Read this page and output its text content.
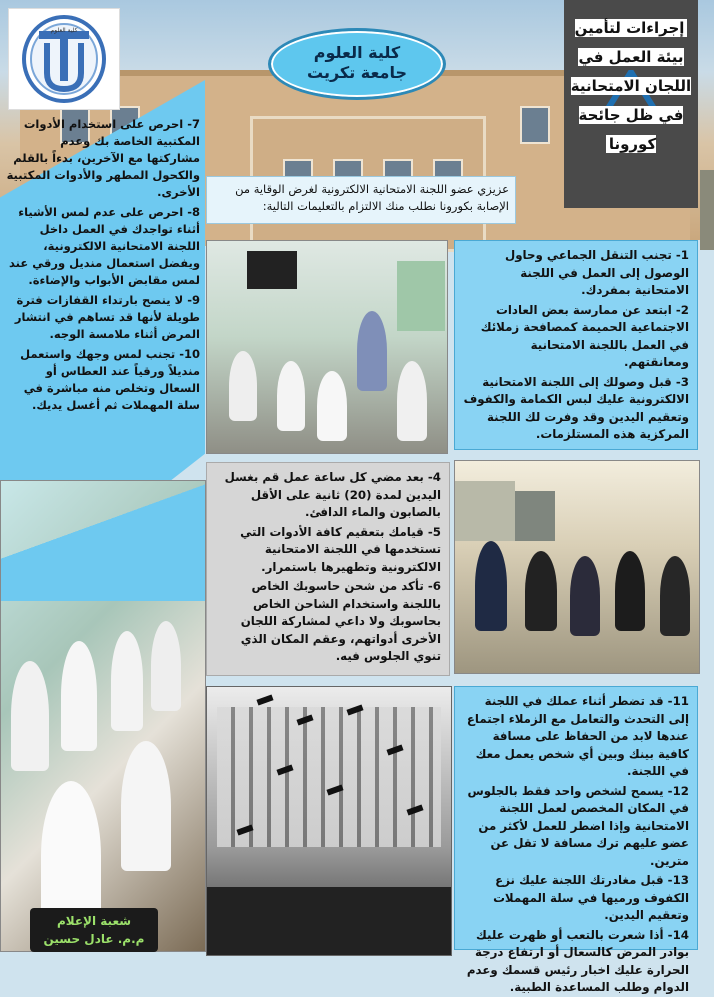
كلية العلوم
كلية العلوم
جامعة تكريت
إجراءات لتأمين بيئة العمل في اللجان الامتحانية في ظل جائحة كورونا
عزيزي عضو اللجنة الامتحانية الالكترونية لغرض الوقاية من الإصابة بكورونا نطلب منك الالتزام بالتعليمات التالية:

7- احرص على استخدام الأدوات المكتبية الخاصة بك وعدم مشاركتها مع الآخرين، بدءاً بالقلم والكحول المطهر والأدوات المكتبية الأخرى.

8- احرص على عدم لمس الأشياء أثناء تواجدك في العمل داخل اللجنة الامتحانية الالكترونية، ويفضل استعمال منديل ورقي عند لمس مقابض الأبواب والإضاءة.

9- لا ينصح بارتداء القفازات فترة طويلة لأنها قد تساهم في انتشار المرض أثناء ملامسة الوجه.

10- تجنب لمس وجهك واستعمل منديلاً ورقياً عند العطاس أو السعال وتخلص منه مباشرة في سلة المهملات ثم أغسل يديك.

1- تجنب التنقل الجماعي وحاول الوصول إلى العمل في اللجنة الامتحانية بمفردك.

2- ابتعد عن ممارسة بعض العادات الاجتماعية الحميمة كمصافحة زملائك في العمل باللجنة الامتحانية ومعانقتهم.

3- قبل وصولك إلى اللجنة الامتحانية الالكترونية عليك لبس الكمامة والكفوف وتعقيم اليدين وقد وفرت لك اللجنة المركزية هذه المستلزمات.

4- بعد مضي كل ساعة عمل قم بغسل اليدين لمدة (20) ثانية على الأقل بالصابون والماء الدافئ.

5- قيامك بتعقيم كافة الأدوات التي تستخدمها في اللجنة الامتحانية الالكترونية وتطهيرها باستمرار.

6- تأكد من شحن حاسوبك الخاص باللجنة واستخدام الشاحن الخاص بحاسوبك ولا داعي لمشاركة اللجان الأخرى أدواتهم، وعقم المكان الذي تنوي الجلوس فيه.

شعبة الإعلام
م.م. عادل حسين

11- قد تضطر أثناء عملك في اللجنة إلى التحدث والتعامل مع الزملاء اجتماع عندها لابد من الحفاظ على مسافة كافية بينك وبين أي شخص يعمل معك في اللجنة.

12- يسمح لشخص واحد فقط بالجلوس في المكان المخصص لعمل اللجنة الامتحانية وإذا اضطر للعمل لأكثر من عضو عليهم ترك مسافة لا تقل عن مترين.

13- قبل مغادرتك اللجنة عليك نزع الكفوف ورميها في سلة المهملات وتعقيم اليدين.

14- أذا شعرت بالتعب أو ظهرت عليك بوادر المرض كالسعال أو ارتفاع درجة الحرارة عليك اخبار رئيس قسمك وعدم الدوام وطلب المساعدة الطبية.
